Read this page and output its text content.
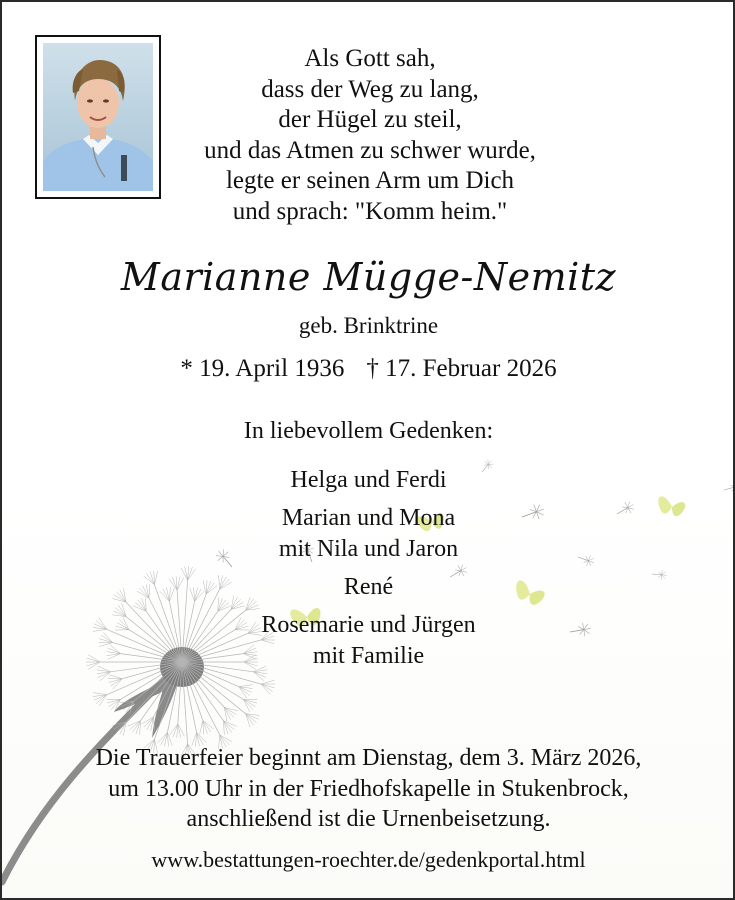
Als Gott sah,
dass der Weg zu lang,
der Hügel zu steil,
und das Atmen zu schwer wurde,
legte er seinen Arm um Dich
und sprach: "Komm heim."
Marianne Mügge-Nemitz
geb. Brinktrine
* 19. April 1936 † 17. Februar 2026
In liebevollem Gedenken:
Helga und Ferdi
Marian und Mona
mit Nila und Jaron
René
Rosemarie und Jürgen
mit Familie
Die Trauerfeier beginnt am Dienstag, dem 3. März 2026,
um 13.00 Uhr in der Friedhofskapelle in Stukenbrock,
anschließend ist die Urnenbeisetzung.
www.bestattungen-roechter.de/gedenkportal.html
